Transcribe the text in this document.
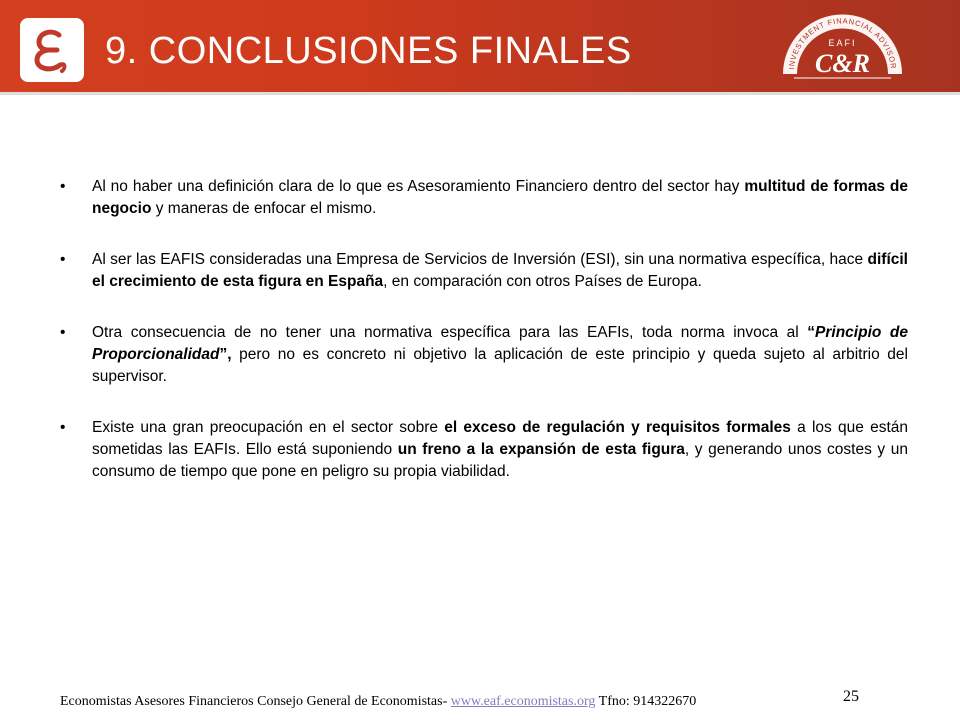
9. CONCLUSIONES FINALES	INVESTMENT FINANCIAL ADVISOR
EAFI
C&R
•	Al no haber una definición clara de lo que es Asesoramiento Financiero dentro del sector hay multitud de formas de negocio y maneras de enfocar el mismo.
•	Al ser las EAFIS consideradas una Empresa de Servicios de Inversión (ESI), sin una normativa específica, hace difícil el crecimiento de esta figura en España, en comparación con otros Países de Europa.
•	Otra consecuencia de no tener una normativa específica para las EAFIs, toda norma invoca al “Principio de Proporcionalidad”, pero no es concreto ni objetivo la aplicación de este principio y queda sujeto al arbitrio del supervisor.
•	Existe una gran preocupación en el sector sobre el exceso de regulación y requisitos formales a los que están sometidas las EAFIs. Ello está suponiendo un freno a la expansión de esta figura, y generando unos costes y un consumo de tiempo que pone en peligro su propia viabilidad.
Economistas Asesores Financieros Consejo General de Economistas- www.eaf.economistas.org Tfno: 914322670	25
